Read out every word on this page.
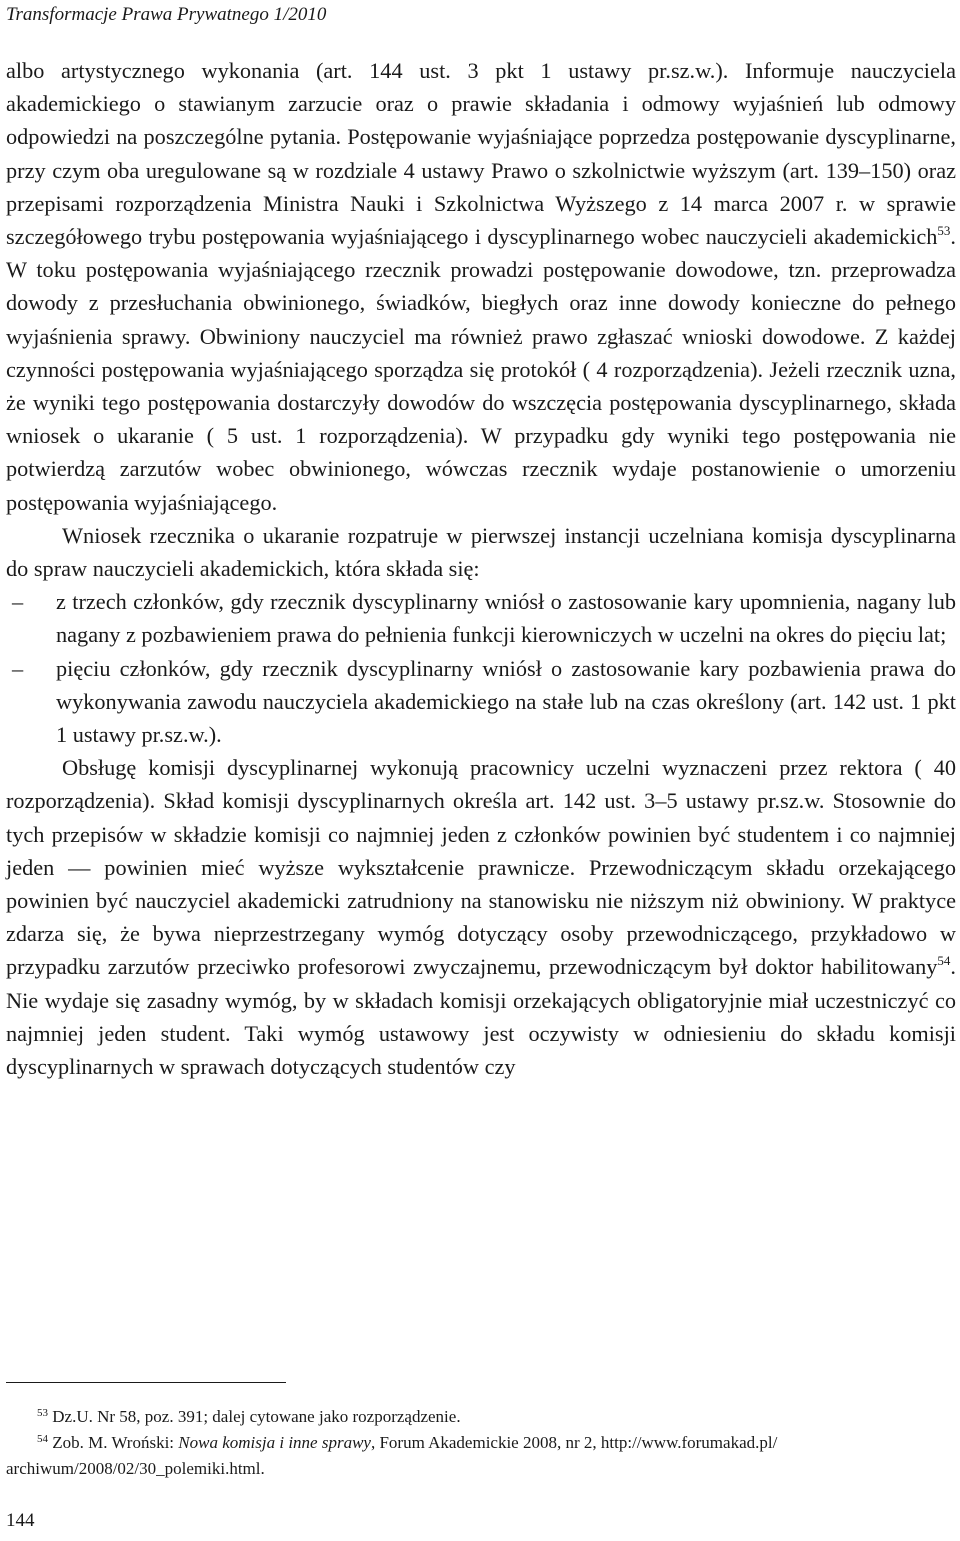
Transformacje Prawa Prywatnego 1/2010

albo artystycznego wykonania (art. 144 ust. 3 pkt 1 ustawy pr.sz.w.). Informuje nauczyciela akademickiego o stawianym zarzucie oraz o prawie składania i odmowy wyjaśnień lub odmowy odpowiedzi na poszczególne pytania. Postępowanie wyjaśniające poprzedza postępowanie dyscyplinarne, przy czym oba uregulowane są w rozdziale 4 ustawy Prawo o szkolnictwie wyższym (art. 139–150) oraz przepisami rozporządzenia Ministra Nauki i Szkolnictwa Wyższego z 14 marca 2007 r. w sprawie szczegółowego trybu postępowania wyjaśniającego i dyscyplinarnego wobec nauczycieli akademickich$^{53}$. W toku postępowania wyjaśniającego rzecznik prowadzi postępowanie dowodowe, tzn. przeprowadza dowody z przesłuchania obwinionego, świadków, biegłych oraz inne dowody konieczne do pełnego wyjaśnienia sprawy. Obwiniony nauczyciel ma również prawo zgłaszać wnioski dowodowe. Z każdej czynności postępowania wyjaśniającego sporządza się protokół ( 4 rozporządzenia). Jeżeli rzecznik uzna, że wyniki tego postępowania dostarczyły dowodów do wszczęcia postępowania dyscyplinarnego, składa wniosek o ukaranie ( 5 ust. 1 rozporządzenia). W przypadku gdy wyniki tego postępowania nie potwierdzą zarzutów wobec obwinionego, wówczas rzecznik wydaje postanowienie o umorzeniu postępowania wyjaśniającego.

Wniosek rzecznika o ukaranie rozpatruje w pierwszej instancji uczelniana komisja dyscyplinarna do spraw nauczycieli akademickich, która składa się:

– z trzech członków, gdy rzecznik dyscyplinarny wniósł o zastosowanie kary upomnienia, nagany lub nagany z pozbawieniem prawa do pełnienia funkcji kierowniczych w uczelni na okres do pięciu lat;
– pięciu członków, gdy rzecznik dyscyplinarny wniósł o zastosowanie kary pozbawienia prawa do wykonywania zawodu nauczyciela akademickiego na stałe lub na czas określony (art. 142 ust. 1 pkt 1 ustawy pr.sz.w.).

Obsługę komisji dyscyplinarnej wykonują pracownicy uczelni wyznaczeni przez rektora ( 40 rozporządzenia). Skład komisji dyscyplinarnych określa art. 142 ust. 3–5 ustawy pr.sz.w. Stosownie do tych przepisów w składzie komisji co najmniej jeden z członków powinien być studentem i co najmniej jeden — powinien mieć wyższe wykształcenie prawnicze. Przewodniczącym składu orzekającego powinien być nauczyciel akademicki zatrudniony na stanowisku nie niższym niż obwiniony. W praktyce zdarza się, że bywa nieprzestrzegany wymóg dotyczący osoby przewodniczącego, przykładowo w przypadku zarzutów przeciwko profesorowi zwyczajnemu, przewodniczącym był doktor habilitowany$^{54}$. Nie wydaje się zasadny wymóg, by w składach komisji orzekających obligatoryjnie miał uczestniczyć co najmniej jeden student. Taki wymóg ustawowy jest oczywisty w odniesieniu do składu komisji dyscyplinarnych w sprawach dotyczących studentów czy

$^{53}$ Dz.U. Nr 58, poz. 391; dalej cytowane jako rozporządzenie.

$^{54}$ Zob. M. Wroński: Nowa komisja i inne sprawy, Forum Akademickie 2008, nr 2, http://www.forumakad.pl/

archiwum/2008/02/30_polemiki.html.

144
